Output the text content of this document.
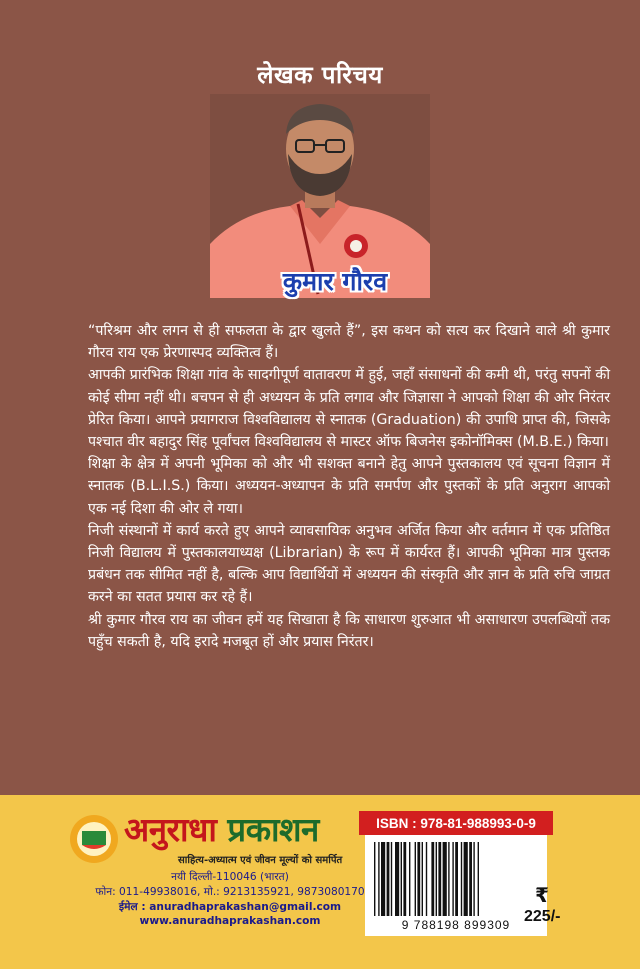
लेखक परिचय
कुमार गौरव

“परिश्रम और लगन से ही सफलता के द्वार खुलते हैं”, इस कथन को सत्य कर दिखाने वाले श्री कुमार गौरव राय एक प्रेरणास्पद व्यक्तित्व हैं।

आपकी प्रारंभिक शिक्षा गांव के सादगीपूर्ण वातावरण में हुई, जहाँ संसाधनों की कमी थी, परंतु सपनों की कोई सीमा नहीं थी। बचपन से ही अध्ययन के प्रति लगाव और जिज्ञासा ने आपको शिक्षा की ओर निरंतर प्रेरित किया। आपने प्रयागराज विश्वविद्यालय से स्नातक (Graduation) की उपाधि प्राप्त की, जिसके पश्चात वीर बहादुर सिंह पूर्वांचल विश्वविद्यालय से मास्टर ऑफ बिजनेस इकोनॉमिक्स (M.B.E.) किया।

शिक्षा के क्षेत्र में अपनी भूमिका को और भी सशक्त बनाने हेतु आपने पुस्तकालय एवं सूचना विज्ञान में स्नातक (B.L.I.S.) किया। अध्ययन-अध्यापन के प्रति समर्पण और पुस्तकों के प्रति अनुराग आपको एक नई दिशा की ओर ले गया।

निजी संस्थानों में कार्य करते हुए आपने व्यावसायिक अनुभव अर्जित किया और वर्तमान में एक प्रतिष्ठित निजी विद्यालय में पुस्तकालयाध्यक्ष (Librarian) के रूप में कार्यरत हैं। आपकी भूमिका मात्र पुस्तक प्रबंधन तक सीमित नहीं है, बल्कि आप विद्यार्थियों में अध्ययन की संस्कृति और ज्ञान के प्रति रुचि जाग्रत करने का सतत प्रयास कर रहे हैं।

श्री कुमार गौरव राय का जीवन हमें यह सिखाता है कि साधारण शुरुआत भी असाधारण उपलब्धियों तक पहुँच सकती है, यदि इरादे मजबूत हों और प्रयास निरंतर।

अनुराधा प्रकाशन
साहित्य-अध्यात्म एवं जीवन मूल्यों को समर्पित
नयी दिल्ली-110046 (भारत)
फोन: 011-49938016, मो.: 9213135921, 9873080170
ईमेल : anuradhaprakashan@gmail.com
www.anuradhaprakashan.com
ISBN : 978-81-988993-0-9
9 788198 899309
₹
225/-
